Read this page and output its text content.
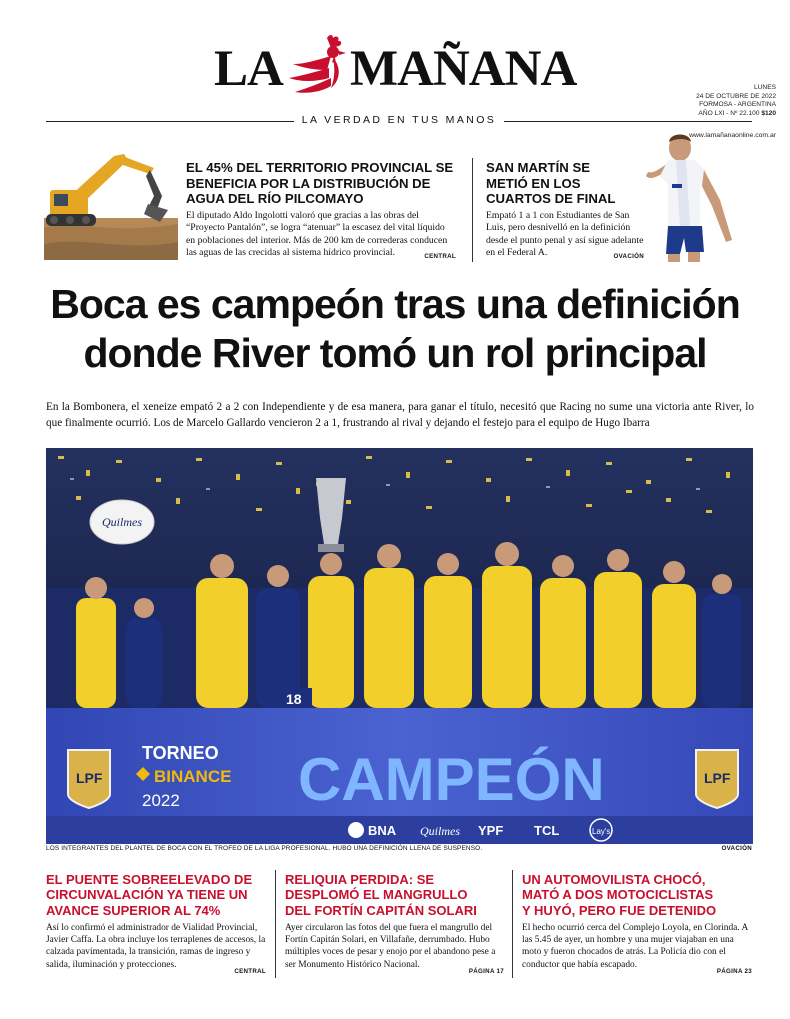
LA MAÑANA	LUNES
24 DE OCTUBRE DE 2022
FORMOSA - ARGENTINA
AÑO LXI - Nº 22.100 $120
www.lamañanaonline.com.ar
LA VERDAD EN TUS MANOS
EL 45% DEL TERRITORIO PROVINCIAL SE BENEFICIA POR LA DISTRIBUCIÓN DE AGUA DEL RÍO PILCOMAYO
El diputado Aldo Ingolotti valoró que gracias a las obras del “Proyecto Pantalón”, se logra “atenuar” la escasez del vital líquido en poblaciones del interior. Más de 200 km de correderas conducen las aguas de las crecidas al sistema hídrico provincial.	CENTRAL
SAN MARTÍN SE METIÓ EN LOS CUARTOS DE FINAL
Empató 1 a 1 con Estudiantes de San Luis, pero desnivelló en la definición desde el punto penal y así sigue adelante en el Federal A.	OVACIÓN
Boca es campeón tras una definición donde River tomó un rol principal
En la Bombonera, el xeneize empató 2 a 2 con Independiente y de esa manera, para ganar el título, necesitó que Racing no sume una victoria ante River, lo que finalmente ocurrió. Los de Marcelo Gallardo vencieron 2 a 1, frustrando al rival y dejando el festejo para el equipo de Hugo Ibarra
18
Quilmes
LPF
TORNEO
BINANCE
2022 CAMPEÓN	LPF
BNA Quilmes YPF TCL	Lay's
LOS INTEGRANTES DEL PLANTEL DE BOCA CON EL TROFEO DE LA LIGA PROFESIONAL. HUBO UNA DEFINICIÓN LLENA DE SUSPENSO.	OVACIÓN
EL PUENTE SOBREELEVADO DE CIRCUNVALACIÓN YA TIENE UN AVANCE SUPERIOR AL 74%
Así lo confirmó el administrador de Vialidad Provincial, Javier Caffa. La obra incluye los terraplenes de accesos, la calzada pavimentada, la transición, ramas de ingreso y salida, iluminación y protecciones.
CENTRAL
RELIQUIA PERDIDA: SE DESPLOMÓ EL MANGRULLO DEL FORTÍN CAPITÁN SOLARI
Ayer circularon las fotos del que fuera el mangrullo del Fortín Capitán Solari, en Villafañe, derrumbado. Hubo múltiples voces de pesar y enojo por el abandono pese a ser Monumento Histórico Nacional.
PÁGINA 17
UN AUTOMOVILISTA CHOCÓ, MATÓ A DOS MOTOCICLISTAS Y HUYÓ, PERO FUE DETENIDO
El hecho ocurrió cerca del Complejo Loyola, en Clorinda. A las 5.45 de ayer, un hombre y una mujer viajaban en una moto y fueron chocados de atrás. La Policía dio con el conductor que había escapado.
PÁGINA 23
